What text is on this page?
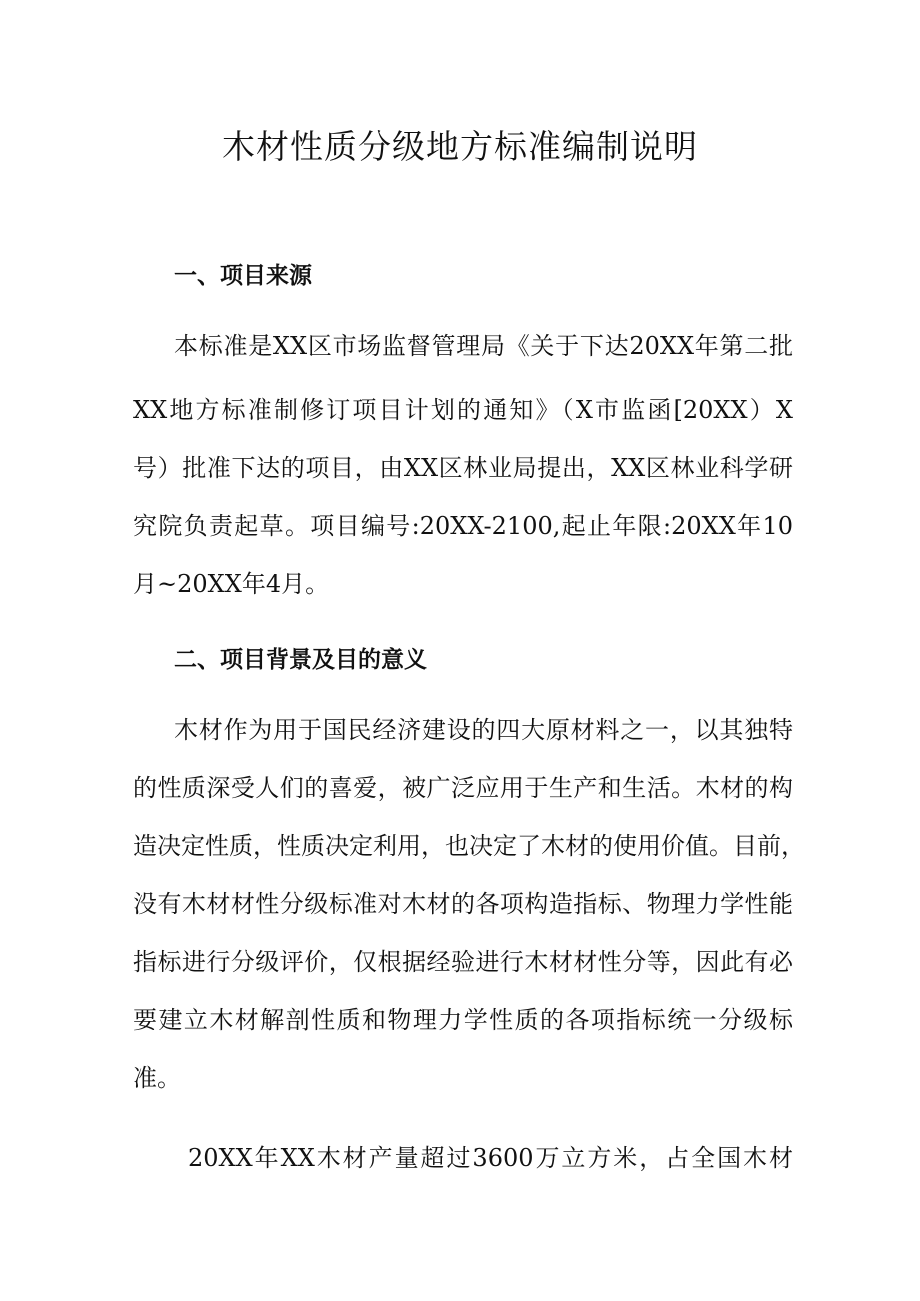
木材性质分级地方标准编制说明
一、项目来源

本标准是XX区市场监督管理局《关于下达20XX年第二批

XX地方标准制修订项目计划的通知》（X市监函[20XX）X

号）批准下达的项目，由XX区林业局提出，XX区林业科学研

究院负责起草。项目编号:20XX-2100,起止年限:20XX年10

月~20XX年4月。

二、项目背景及目的意义

木材作为用于国民经济建设的四大原材料之一，以其独特

的性质深受人们的喜爱，被广泛应用于生产和生活。木材的构

造决定性质，性质决定利用，也决定了木材的使用价值。目前，

没有木材材性分级标准对木材的各项构造指标、物理力学性能

指标进行分级评价，仅根据经验进行木材材性分等，因此有必

要建立木材解剖性质和物理力学性质的各项指标统一分级标

准。

20XX年XX木材产量超过3600万立方米，占全国木材
